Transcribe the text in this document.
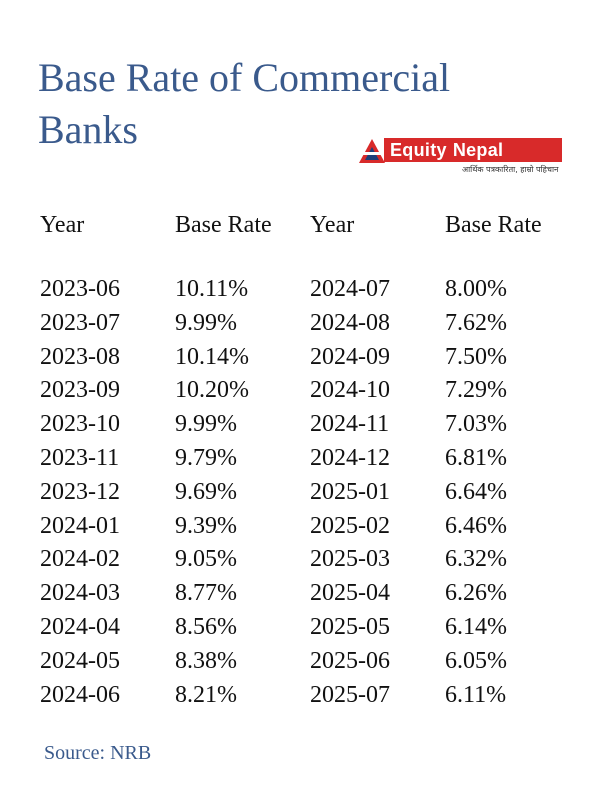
Base Rate of Commercial Banks	Equity Nepal
आर्थिक पत्रकारिता, हाम्रो पहिचान
Year	Base Rate Year	Base Rate
2023-06 10.11%	2024-07 8.00%
2023-07 9.99%	2024-08 7.62%
2023-08 10.14%	2024-09 7.50%
2023-09 10.20%	2024-10 7.29%
2023-10 9.99%	2024-11 7.03%
2023-11 9.79%	2024-12 6.81%
2023-12 9.69%	2025-01 6.64%
2024-01 9.39%	2025-02 6.46%
2024-02 9.05%	2025-03 6.32%
2024-03 8.77%	2025-04 6.26%
2024-04 8.56%	2025-05 6.14%
2024-05 8.38%	2025-06 6.05%
2024-06 8.21%	2025-07 6.11%
Source: NRB
